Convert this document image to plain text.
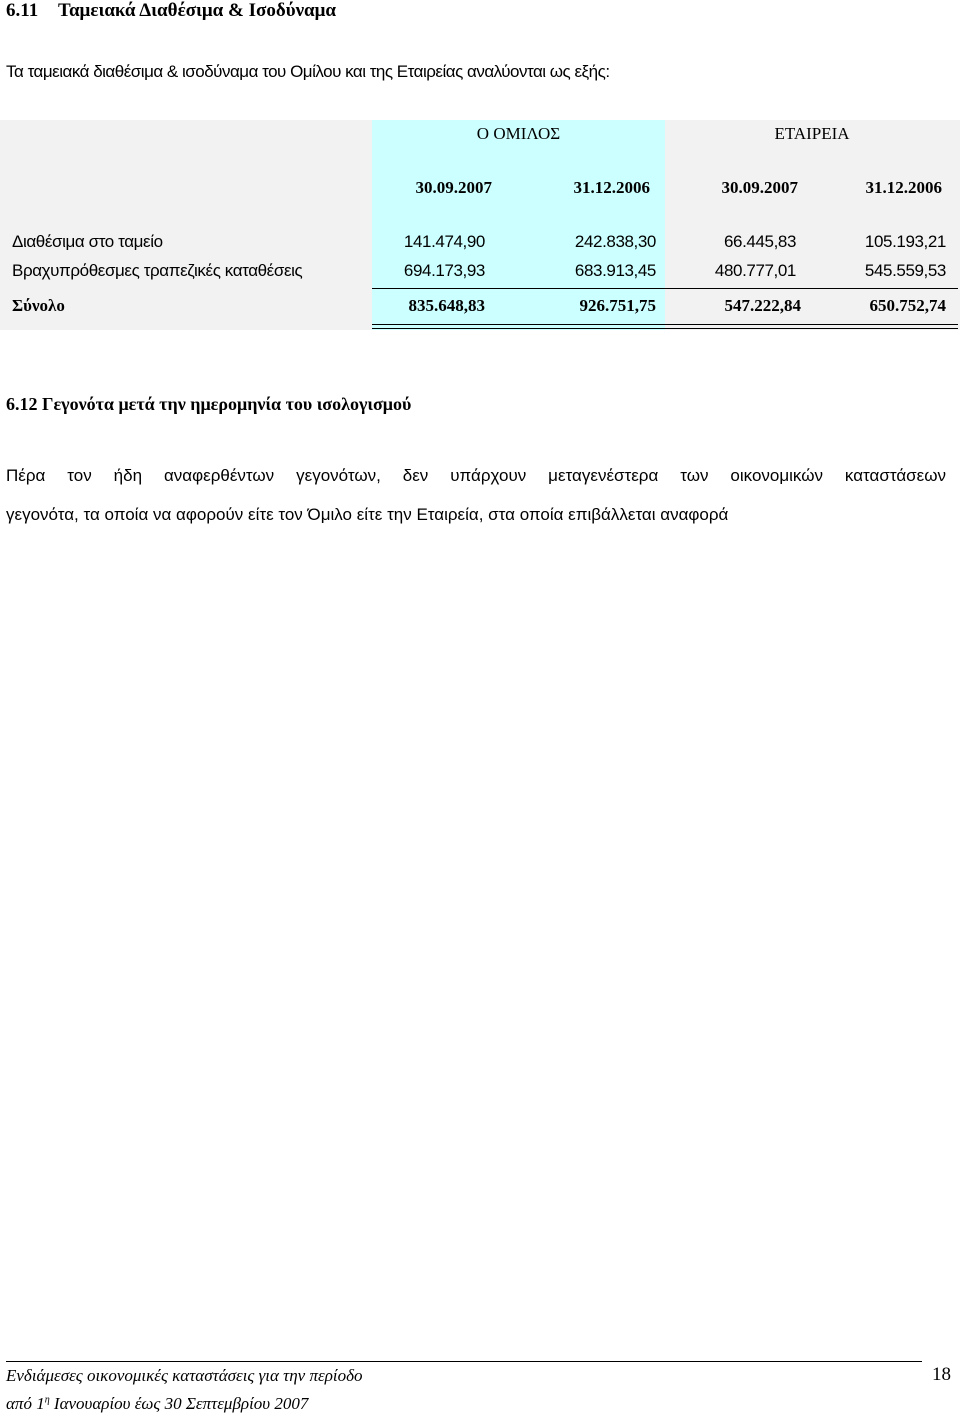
6.11 Ταμειακά Διαθέσιμα & Ισοδύναμα
Τα ταμειακά διαθέσιμα & ισοδύναμα του Ομίλου και της Εταιρείας αναλύονται ως εξής:
Ο ΟΜΙΛΟΣ	ΕΤΑΙΡΕΙΑ
30.09.2007	31.12.2006	30.09.2007	31.12.2006
Διαθέσιμα στο ταμείο	141.474,90	242.838,30	66.445,83	105.193,21
Βραχυπρόθεσμες τραπεζικές καταθέσεις	694.173,93	683.913,45	480.777,01	545.559,53
Σύνολο	835.648,83	926.751,75	547.222,84	650.752,74
6.12 Γεγονότα μετά την ημερομηνία του ισολογισμού
Πέρα τον ήδη αναφερθέντων γεγονότων, δεν υπάρχουν μεταγενέστερα των οικονομικών καταστάσεων
γεγονότα, τα οποία να αφορούν είτε τον Όμιλο είτε την Εταιρεία, στα οποία επιβάλλεται αναφορά
Ενδιάμεσες οικονομικές καταστάσεις για την περίοδο
από $1^\eta$ Ιανουαρίου έως 30 Σεπτεμβρίου 2007
18
